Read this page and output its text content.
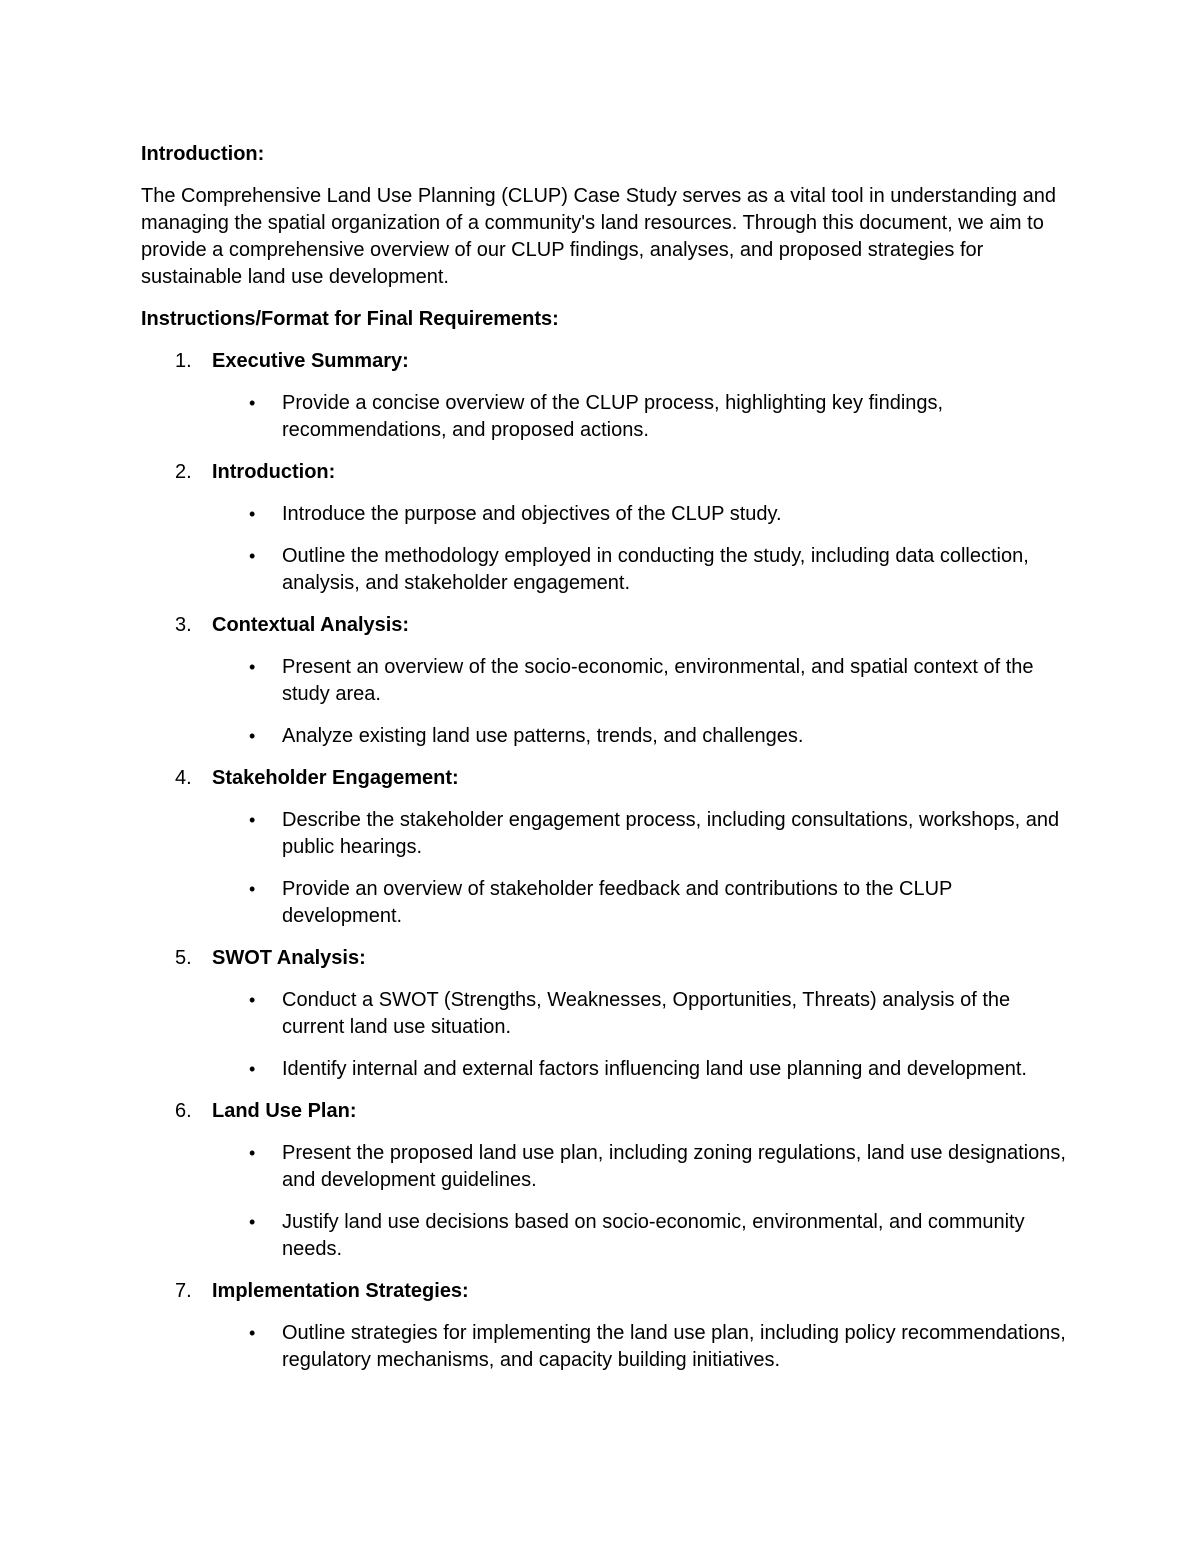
Introduction:

The Comprehensive Land Use Planning (CLUP) Case Study serves as a vital tool in understanding and managing the spatial organization of a community's land resources. Through this document, we aim to provide a comprehensive overview of our CLUP findings, analyses, and proposed strategies for sustainable land use development.

Instructions/Format for Final Requirements:

1. Executive Summary:
• Provide a concise overview of the CLUP process, highlighting key findings, recommendations, and proposed actions.
2. Introduction:
• Introduce the purpose and objectives of the CLUP study.
• Outline the methodology employed in conducting the study, including data collection, analysis, and stakeholder engagement.
3. Contextual Analysis:
• Present an overview of the socio-economic, environmental, and spatial context of the study area.
• Analyze existing land use patterns, trends, and challenges.
4. Stakeholder Engagement:
• Describe the stakeholder engagement process, including consultations, workshops, and public hearings.
• Provide an overview of stakeholder feedback and contributions to the CLUP development.
5. SWOT Analysis:
• Conduct a SWOT (Strengths, Weaknesses, Opportunities, Threats) analysis of the current land use situation.
• Identify internal and external factors influencing land use planning and development.
6. Land Use Plan:
• Present the proposed land use plan, including zoning regulations, land use designations, and development guidelines.
• Justify land use decisions based on socio-economic, environmental, and community needs.
7. Implementation Strategies:
• Outline strategies for implementing the land use plan, including policy recommendations, regulatory mechanisms, and capacity building initiatives.
